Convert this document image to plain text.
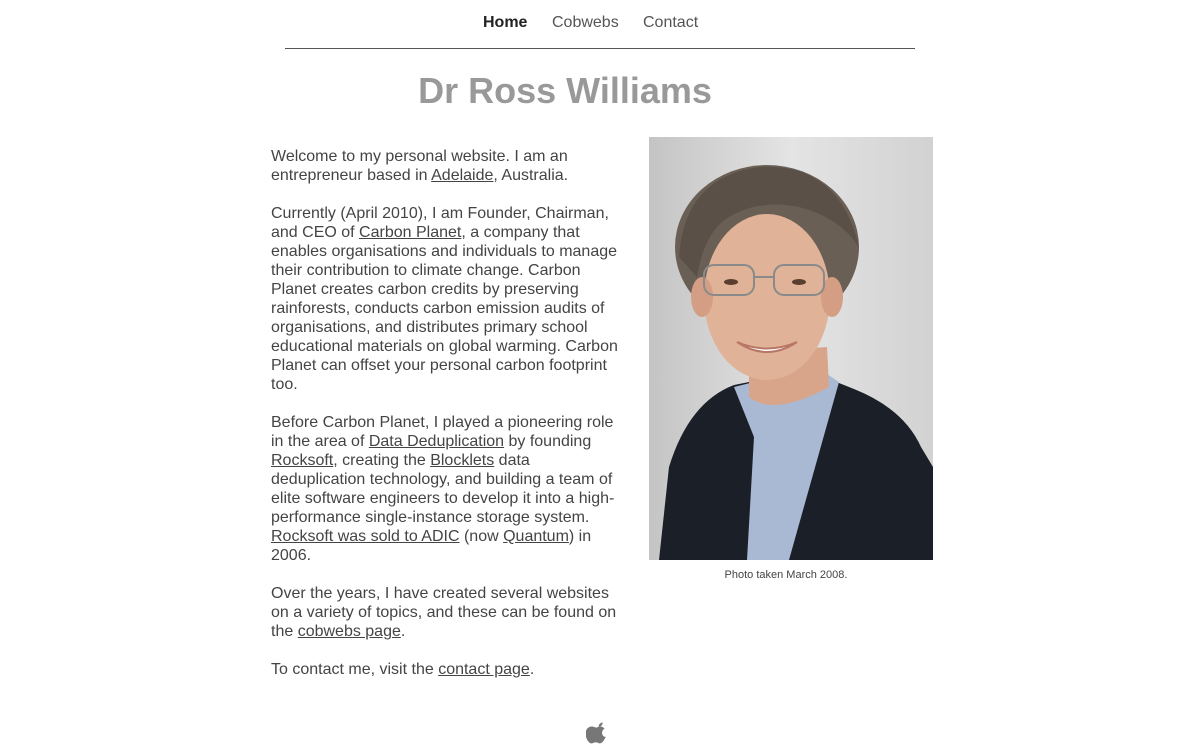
Home Cobwebs Contact
Dr Ross Williams

Welcome to my personal website. I am an entrepreneur based in Adelaide, Australia.

Currently (April 2010), I am Founder, Chairman, and CEO of Carbon Planet, a company that enables organisations and individuals to manage their contribution to climate change. Carbon Planet creates carbon credits by preserving rainforests, conducts carbon emission audits of organisations, and distributes primary school educational materials on global warming. Carbon Planet can offset your personal carbon footprint too.

Before Carbon Planet, I played a pioneering role in the area of Data Deduplication by founding Rocksoft, creating the Blocklets data deduplication technology, and building a team of elite software engineers to develop it into a high-performance single-instance storage system. Rocksoft was sold to ADIC (now Quantum) in 2006.

Over the years, I have created several websites on a variety of topics, and these can be found on the cobwebs page.

To contact me, visit the contact page.

Photo taken March 2008.
